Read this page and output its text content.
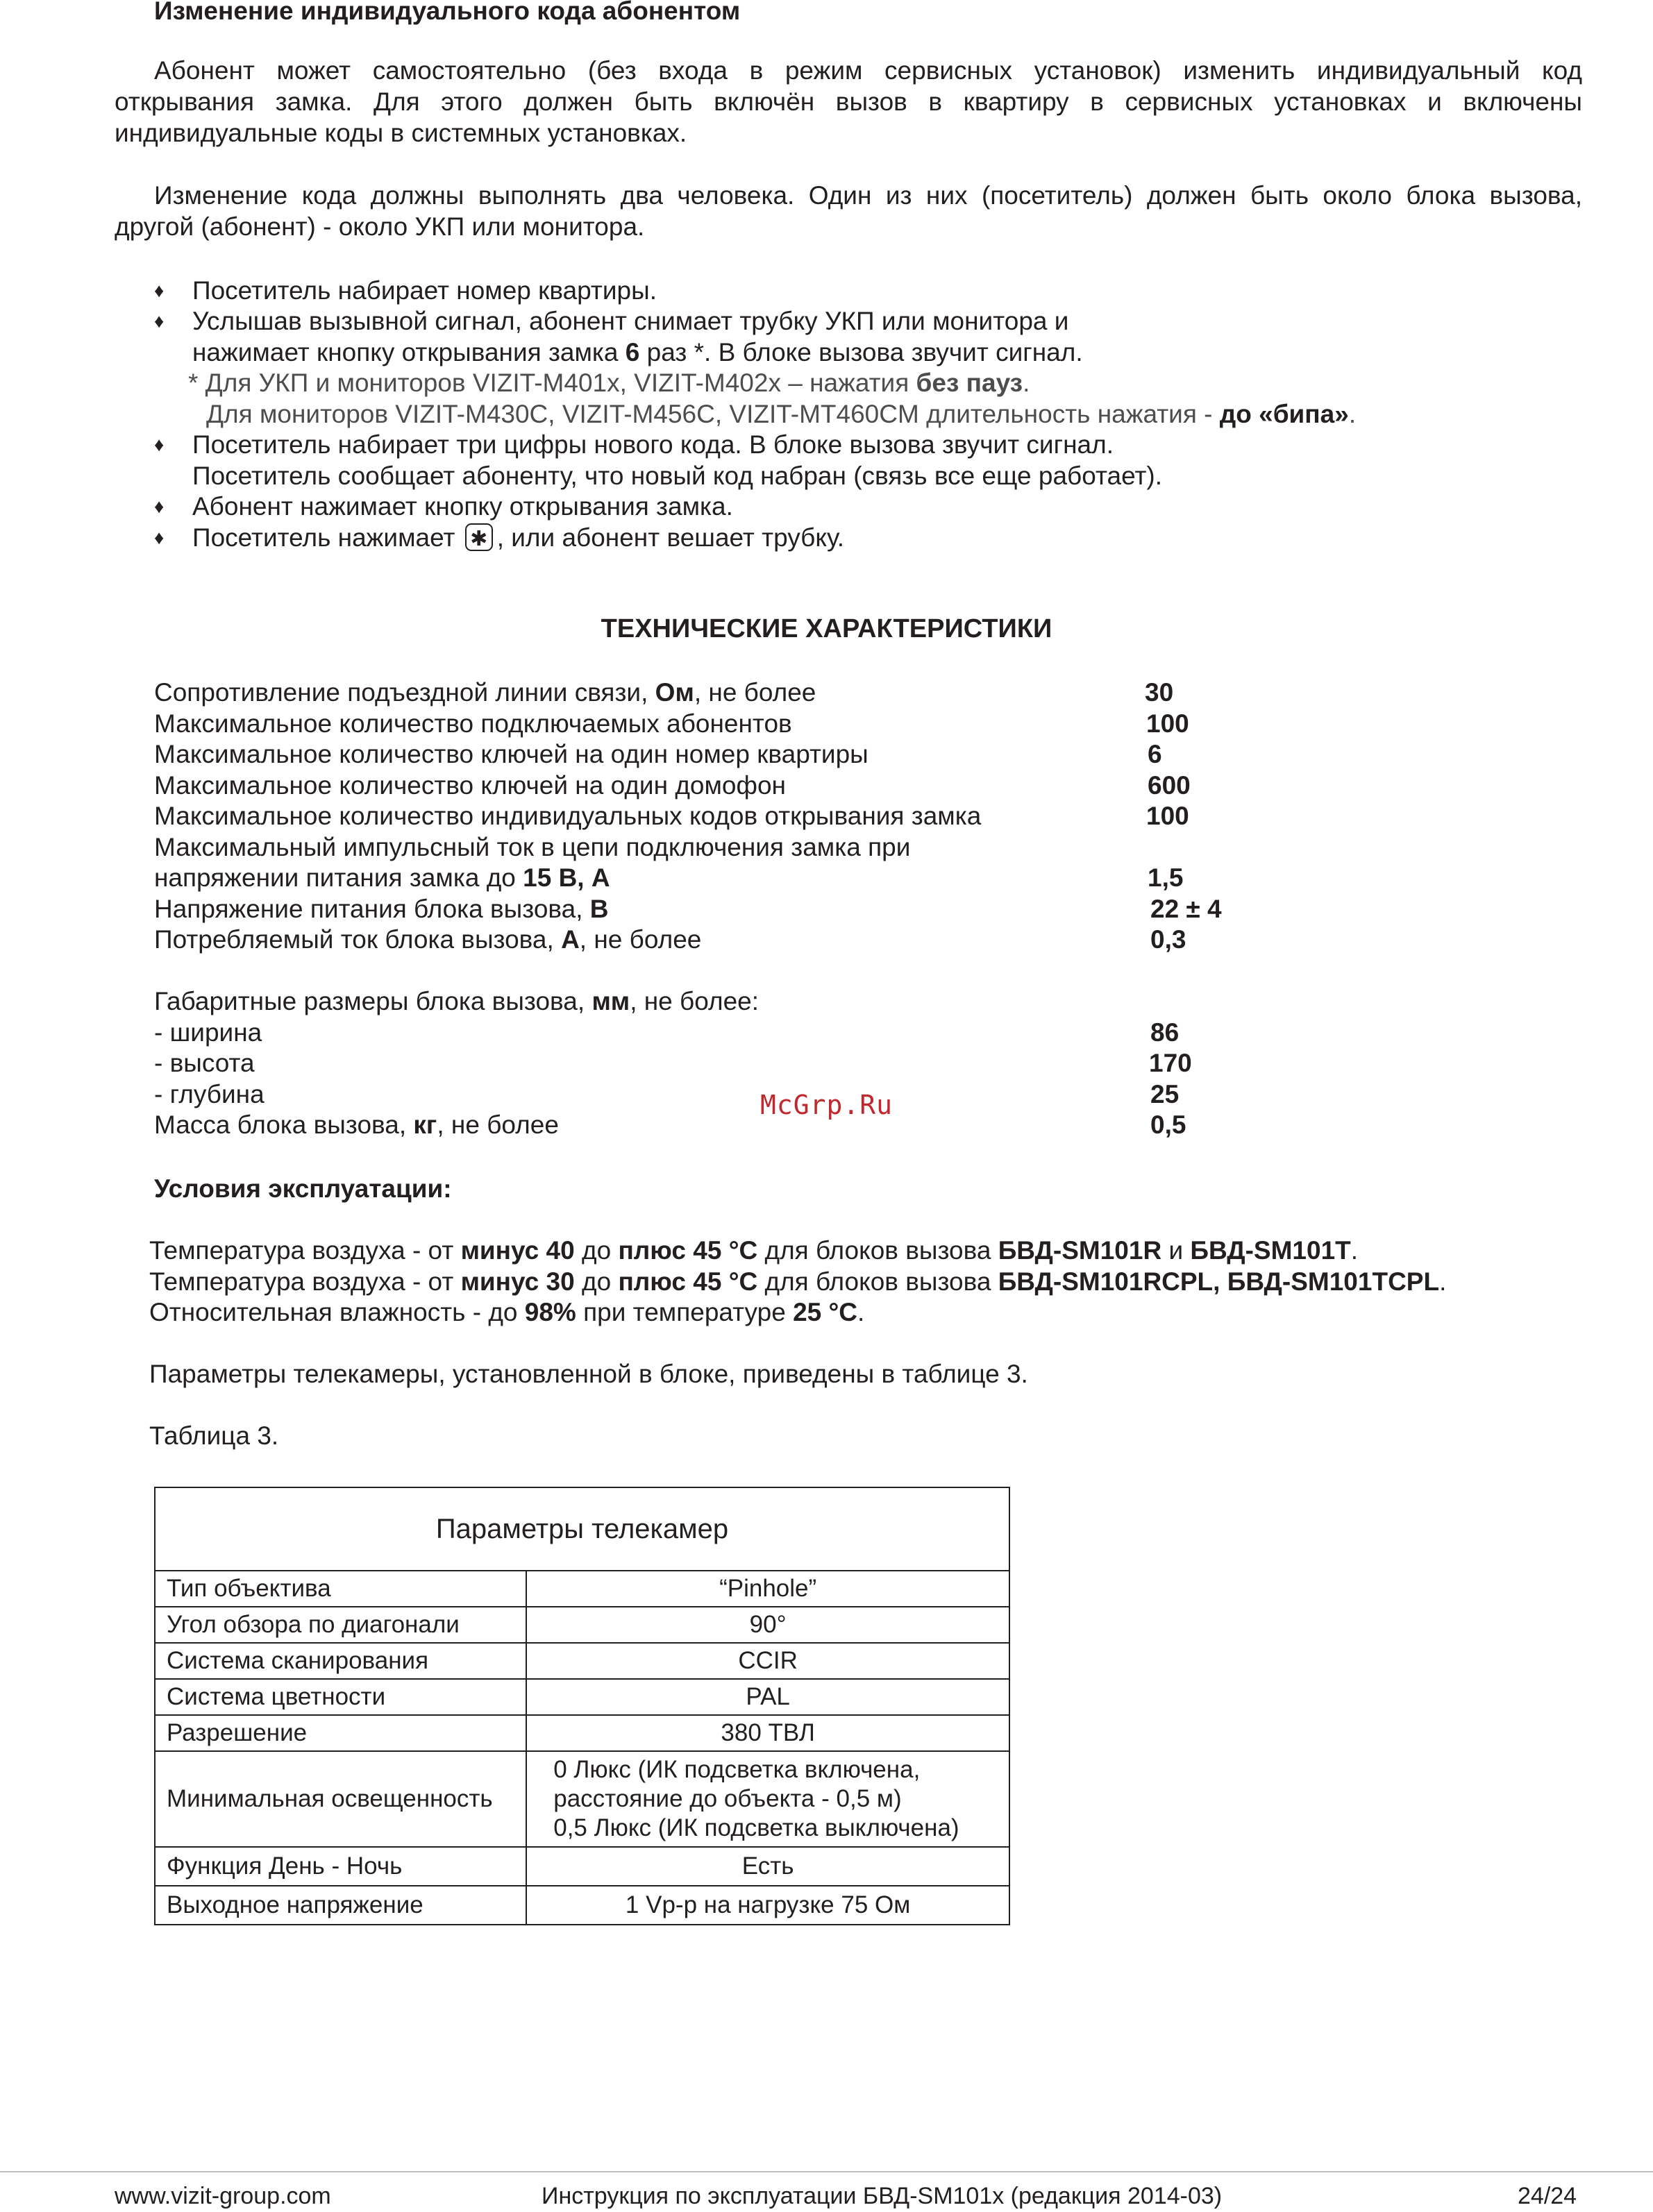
Изменение индивидуального кода абонентом
Абонент может самостоятельно (без входа в режим сервисных установок) изменить индивидуальный код
открывания замка. Для этого должен быть включён вызов в квартиру в сервисных установках и включены
индивидуальные коды в системных установках.
Изменение кода должны выполнять два человека. Один из них (посетитель) должен быть около блока вызова,
другой (абонент) - около УКП или монитора.
♦ Посетитель набирает номер квартиры.
♦ Услышав вызывной сигнал, абонент снимает трубку УКП или монитора и
нажимает кнопку открывания замка 6 раз *. В блоке вызова звучит сигнал.
* Для УКП и мониторов VIZIT-M401x, VIZIT-M402x – нажатия без пауз.
Для мониторов VIZIT-M430C, VIZIT-M456C, VIZIT-MT460CM длительность нажатия - до «бипа».
♦ Посетитель набирает три цифры нового кода. В блоке вызова звучит сигнал.
Посетитель сообщает абоненту, что новый код набран (связь все еще работает).
♦ Абонент нажимает кнопку открывания замка.
♦ Посетитель нажимает ✱ , или абонент вешает трубку.
ТЕХНИЧЕСКИЕ ХАРАКТЕРИСТИКИ
Сопротивление подъездной линии связи, Ом, не более	30
Максимальное количество подключаемых абонентов	100
Максимальное количество ключей на один номер квартиры	6
Максимальное количество ключей на один домофон	600
Максимальное количество индивидуальных кодов открывания замка	100
Максимальный импульсный ток в цепи подключения замка при
напряжении питания замка до 15 В, А	1,5
Напряжение питания блока вызова, В	22 ± 4
Потребляемый ток блока вызова, А, не более	0,3
Габаритные размеры блока вызова, мм, не более:
- ширина	86
- высота	170
- глубина	25
Масса блока вызова, кг, не более	0,5
McGrp.Ru
Условия эксплуатации:
Температура воздуха - от минус 40 до плюс 45 °С для блоков вызова БВД-SM101R и БВД-SM101Т.
Температура воздуха - от минус 30 до плюс 45 °С для блоков вызова БВД-SM101RCPL, БВД-SM101TCPL.
Относительная влажность - до 98% при температуре 25 °С.
Параметры телекамеры, установленной в блоке, приведены в таблице 3.
Таблица 3.
Параметры телекамер	
Тип объектива	“Pinhole”
Угол обзора по диагонали	90°
Система сканирования	CCIR
Система цветности	PAL
Разрешение	380 ТВЛ
Минимальная освещенность	0 Люкс (ИК подсветка включена,
расстояние до объекта - 0,5 м)
0,5 Люкс (ИК подсветка выключена)

Функция День - Ночь	Есть
Выходное напряжение	1 Vp-p на нагрузке 75 Ом
www.vizit-group.com	Инструкция по эксплуатации БВД-SM101х (редакция 2014-03)	24/24
